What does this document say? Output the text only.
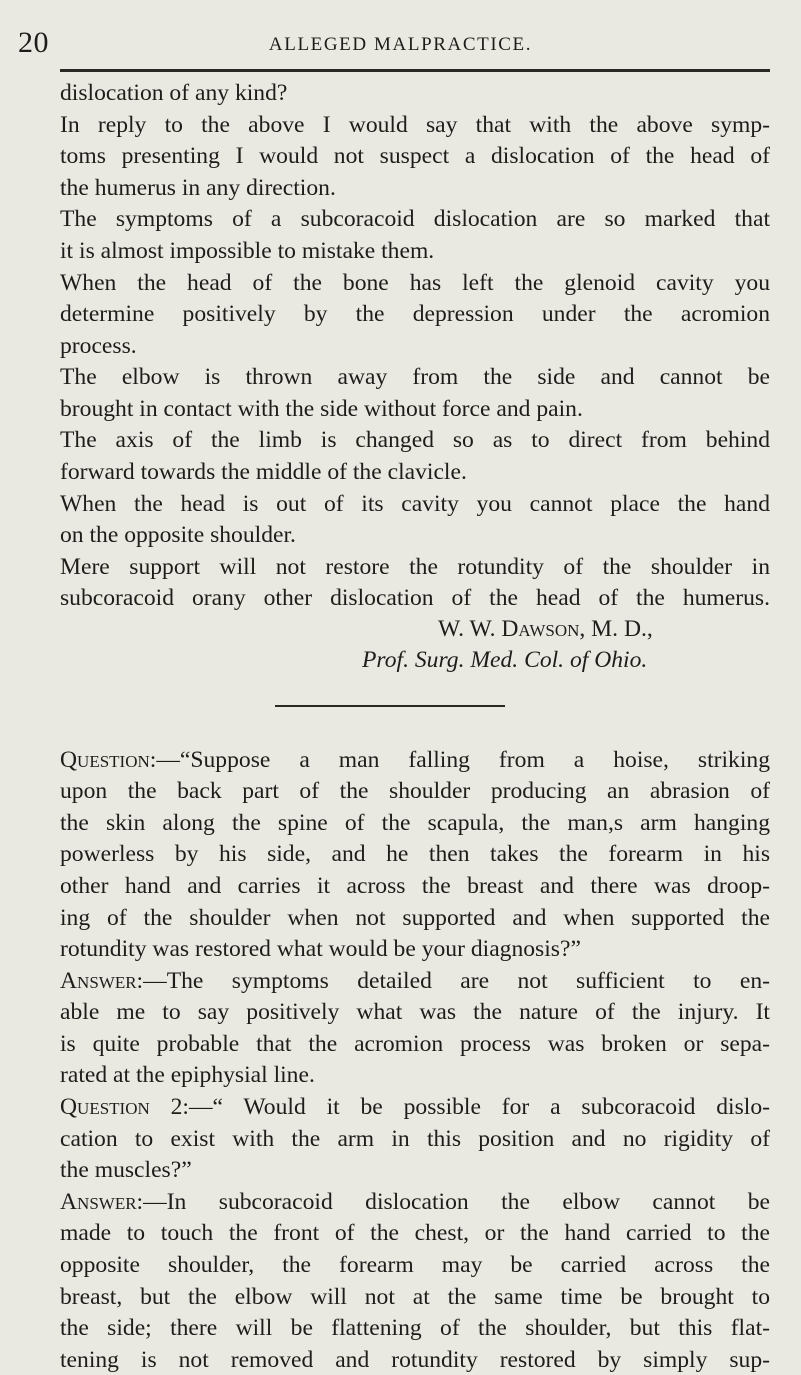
20	ALLEGED MALPRACTICE.
dislocation of any kind?
In reply to the above I would say that with the above symp-
toms presenting I would not suspect a dislocation of the head of
the humerus in any direction.
The symptoms of a subcoracoid dislocation are so marked that
it is almost impossible to mistake them.
When the head of the bone has left the glenoid cavity you
determine positively by the depression under the acromion
process.
The elbow is thrown away from the side and cannot be
brought in contact with the side without force and pain.
The axis of the limb is changed so as to direct from behind
forward towards the middle of the clavicle.
When the head is out of its cavity you cannot place the hand
on the opposite shoulder.
Mere support will not restore the rotundity of the shoulder in
subcoracoid orany other dislocation of the head of the humerus.
W. W. Dawson, M. D.,
Prof. Surg. Med. Col. of Ohio.
Question:—“Suppose a man falling from a hoise, striking
upon the back part of the shoulder producing an abrasion of
the skin along the spine of the scapula, the man,s arm hanging
powerless by his side, and he then takes the forearm in his
other hand and carries it across the breast and there was droop-
ing of the shoulder when not supported and when supported the
rotundity was restored what would be your diagnosis?”
Answer:—The symptoms detailed are not sufficient to en-
able me to say positively what was the nature of the injury. It
is quite probable that the acromion process was broken or sepa-
rated at the epiphysial line.
Question 2:—“ Would it be possible for a subcoracoid dislo-
cation to exist with the arm in this position and no rigidity of
the muscles?”
Answer:—In subcoracoid dislocation the elbow cannot be
made to touch the front of the chest, or the hand carried to the
opposite shoulder, the forearm may be carried across the
breast, but the elbow will not at the same time be brought to
the side; there will be flattening of the shoulder, but this flat-
tening is not removed and rotundity restored by simply sup-
